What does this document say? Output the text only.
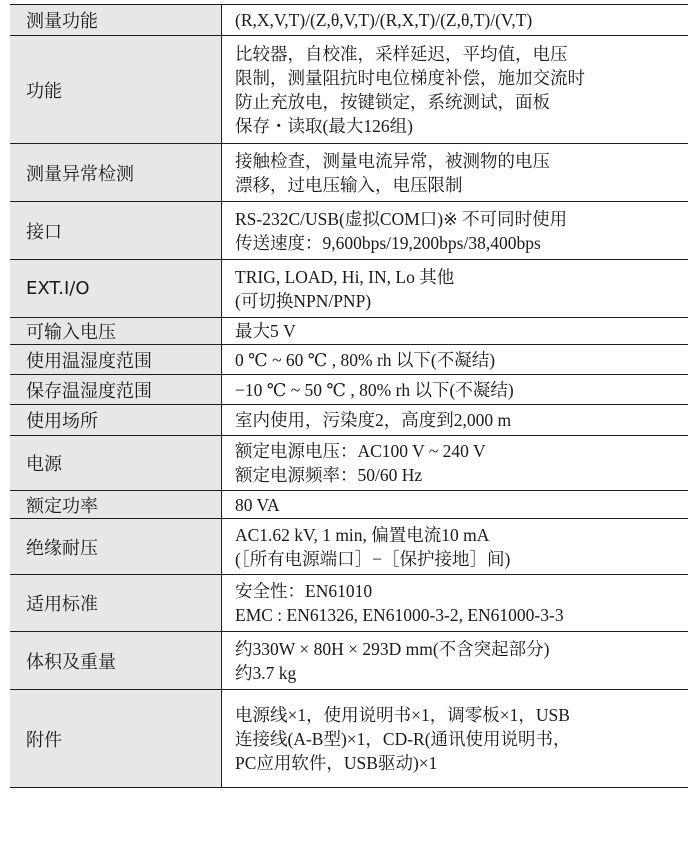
测量功能	(R,X,V,T)/(Z,θ,V,T)/(R,X,T)/(Z,θ,T)/(V,T)

功能	比较器，自校准，采样延迟，平均值，电压
限制，测量阻抗时电位梯度补偿，施加交流时
防止充放电，按键锁定，系统测试，面板
保存・读取(最大126组)

测量异常检测	接触检查，测量电流异常，被测物的电压
漂移，过电压输入，电压限制

接口	RS-232C/USB(虚拟COM口)※ 不可同时使用
传送速度：9,600bps/19,200bps/38,400bps

EXT.I/O	TRIG, LOAD, Hi, IN, Lo 其他
(可切换NPN/PNP)

可输入电压	最大5 V

使用温湿度范围	0 ℃ ~ 60 ℃ , 80% rh 以下(不凝结)

保存温湿度范围	−10 ℃ ~ 50 ℃ , 80% rh 以下(不凝结)

使用场所	室内使用，污染度2，高度到2,000 m

电源	额定电源电压：AC100 V ~ 240 V
额定电源频率：50/60 Hz

额定功率	80 VA

绝缘耐压	AC1.62 kV, 1 min, 偏置电流10 mA
(［所有电源端口］−［保护接地］间)

适用标准	安全性：EN61010
EMC : EN61326, EN61000-3-2, EN61000-3-3

体积及重量	约330W × 80H × 293D mm(不含突起部分)
约3.7 kg

附件	电源线×1，使用说明书×1，调零板×1，USB
连接线(A-B型)×1，CD-R(通讯使用说明书，
PC应用软件，USB驱动)×1
